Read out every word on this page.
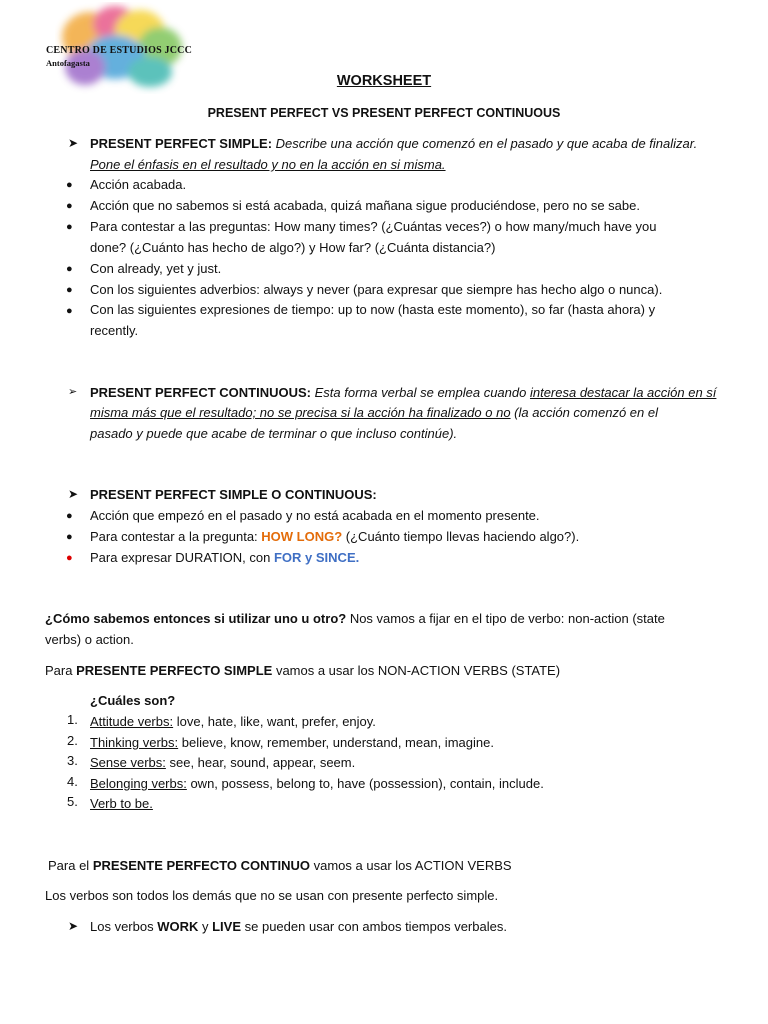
CENTRO DE ESTUDIOS JCCC
Antofagasta
WORKSHEET
PRESENT PERFECT VS PRESENT PERFECT CONTINUOUS
➤ PRESENT PERFECT SIMPLE: Describe una acción que comenzó en el pasado y que acaba de finalizar.
Pone el énfasis en el resultado y no en la acción en si misma.
● Acción acabada.
● Acción que no sabemos si está acabada, quizá mañana sigue produciéndose, pero no se sabe.
● Para contestar a las preguntas: How many times? (¿Cuántas veces?) o how many/much have you
done? (¿Cuánto has hecho de algo?) y How far? (¿Cuánta distancia?)
● Con already, yet y just.
● Con los siguientes adverbios: always y never (para expresar que siempre has hecho algo o nunca).
● Con las siguientes expresiones de tiempo: up to now (hasta este momento), so far (hasta ahora) y
recently.
➢ PRESENT PERFECT CONTINUOUS: Esta forma verbal se emplea cuando interesa destacar la acción en sí
misma más que el resultado; no se precisa si la acción ha finalizado o no (la acción comenzó en el
pasado y puede que acabe de terminar o que incluso continúe).
➤ PRESENT PERFECT SIMPLE O CONTINUOUS:
● Acción que empezó en el pasado y no está acabada en el momento presente.
● Para contestar a la pregunta: HOW LONG? (¿Cuánto tiempo llevas haciendo algo?).
● Para expresar DURATION, con FOR y SINCE.
¿Cómo sabemos entonces si utilizar uno u otro? Nos vamos a fijar en el tipo de verbo: non-action (state
verbs) o action.
Para PRESENTE PERFECTO SIMPLE vamos a usar los NON-ACTION VERBS (STATE)
¿Cuáles son?
1. Attitude verbs: love, hate, like, want, prefer, enjoy.
2. Thinking verbs: believe, know, remember, understand, mean, imagine.
3. Sense verbs: see, hear, sound, appear, seem.
4. Belonging verbs: own, possess, belong to, have (possession), contain, include.
5. Verb to be.
Para el PRESENTE PERFECTO CONTINUO vamos a usar los ACTION VERBS
Los verbos son todos los demás que no se usan con presente perfecto simple.
➤ Los verbos WORK y LIVE se pueden usar con ambos tiempos verbales.
